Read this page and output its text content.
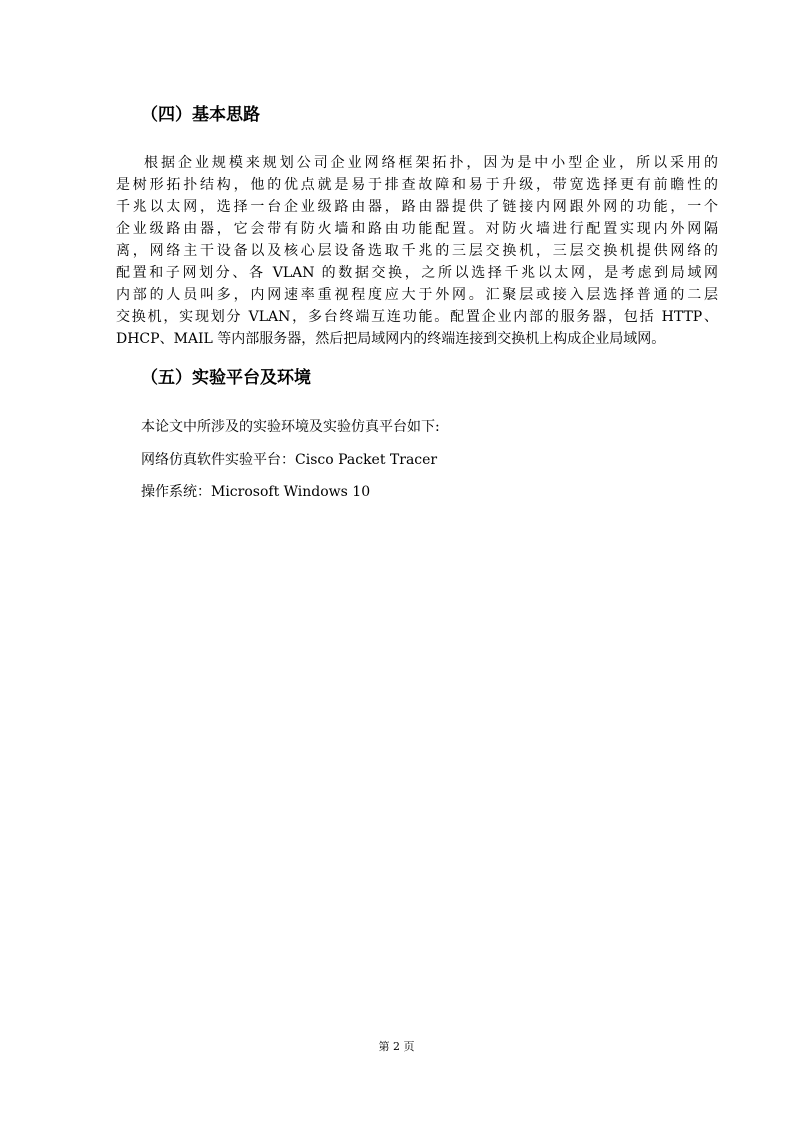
（四）基本思路
根据企业规模来规划公司企业网络框架拓扑，因为是中小型企业，所以采用的
是树形拓扑结构，他的优点就是易于排查故障和易于升级，带宽选择更有前瞻性的
千兆以太网，选择一台企业级路由器，路由器提供了链接内网跟外网的功能，一个
企业级路由器，它会带有防火墙和路由功能配置。对防火墙进行配置实现内外网隔
离，网络主干设备以及核心层设备选取千兆的三层交换机，三层交换机提供网络的
配置和子网划分、各 VLAN 的数据交换，之所以选择千兆以太网，是考虑到局域网
内部的人员叫多，内网速率重视程度应大于外网。汇聚层或接入层选择普通的二层
交换机，实现划分 VLAN，多台终端互连功能。配置企业内部的服务器，包括 HTTP、
DHCP、MAIL 等内部服务器，然后把局域网内的终端连接到交换机上构成企业局域网。
（五）实验平台及环境
本论文中所涉及的实验环境及实验仿真平台如下:
网络仿真软件实验平台：Cisco Packet Tracer
操作系统：Microsoft Windows 10
第 2 页
